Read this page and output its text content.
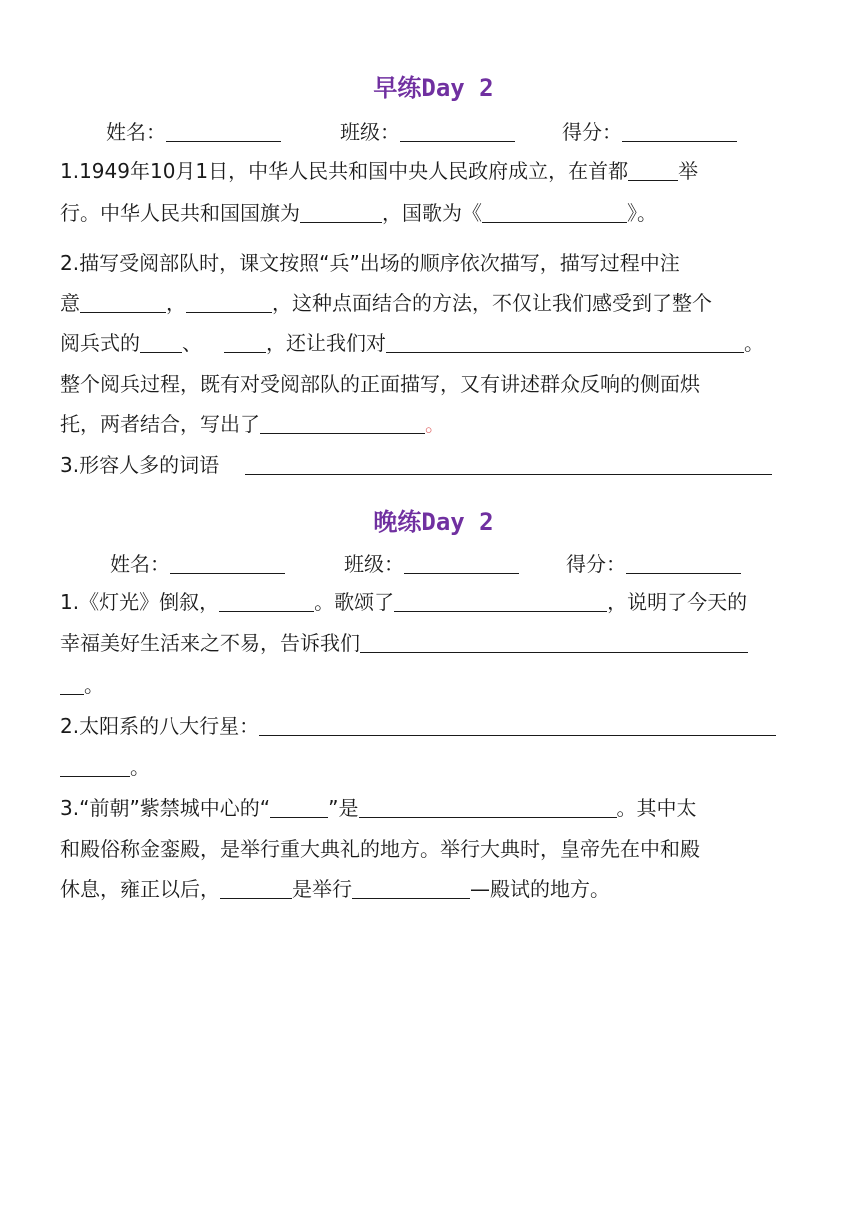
早练Day 2
姓名：	班级：	得分：
1.1949年10月1日，中华人民共和国中央人民政府成立，在首都	举
行。中华人民共和国国旗为	，国歌为《	》。
2.描写受阅部队时，课文按照“兵”出场的顺序依次描写，描写过程中注
意	，	，这种点面结合的方法，不仅让我们感受到了整个
阅兵式的 、	，还让我们对	。
整个阅兵过程，既有对受阅部队的正面描写，又有讲述群众反响的侧面烘
托，两者结合，写出了	。
3.形容人多的词语
晚练Day 2
姓名：	班级：	得分：
1.《灯光》倒叙，	。歌颂了	，说明了今天的
幸福美好生活来之不易，告诉我们
。
2.太阳系的八大行星：
。
3.“前朝”紫禁城中心的“	”是	。其中太
和殿俗称金銮殿，是举行重大典礼的地方。举行大典时，皇帝先在中和殿
休息，雍正以后，	是举行	—殿试的地方。
